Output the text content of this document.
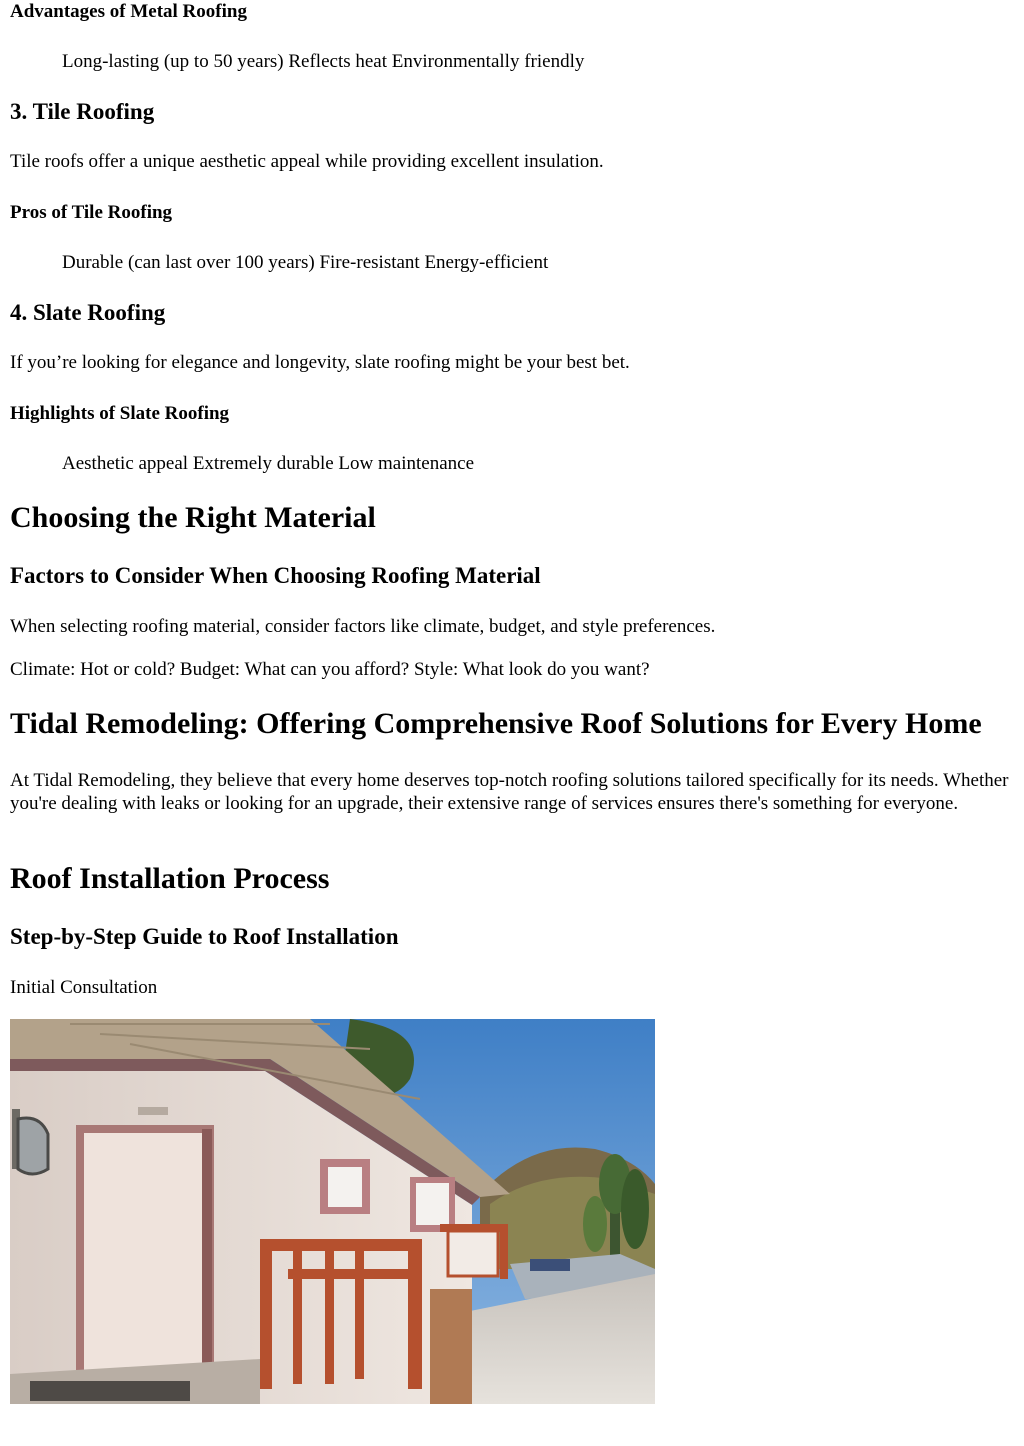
Advantages of Metal Roofing
Long-lasting (up to 50 years) Reflects heat Environmentally friendly
3. Tile Roofing
Tile roofs offer a unique aesthetic appeal while providing excellent insulation.
Pros of Tile Roofing
Durable (can last over 100 years) Fire-resistant Energy-efficient
4. Slate Roofing
If you’re looking for elegance and longevity, slate roofing might be your best bet.
Highlights of Slate Roofing
Aesthetic appeal Extremely durable Low maintenance
Choosing the Right Material
Factors to Consider When Choosing Roofing Material
When selecting roofing material, consider factors like climate, budget, and style preferences.
Climate: Hot or cold? Budget: What can you afford? Style: What look do you want?
Tidal Remodeling: Offering Comprehensive Roof Solutions for Every Home
At Tidal Remodeling, they believe that every home deserves top-notch roofing solutions tailored specifically for its needs. Whether you're dealing with leaks or looking for an upgrade, their extensive range of services ensures there's something for everyone.
Roof Installation Process
Step-by-Step Guide to Roof Installation
Initial Consultation
